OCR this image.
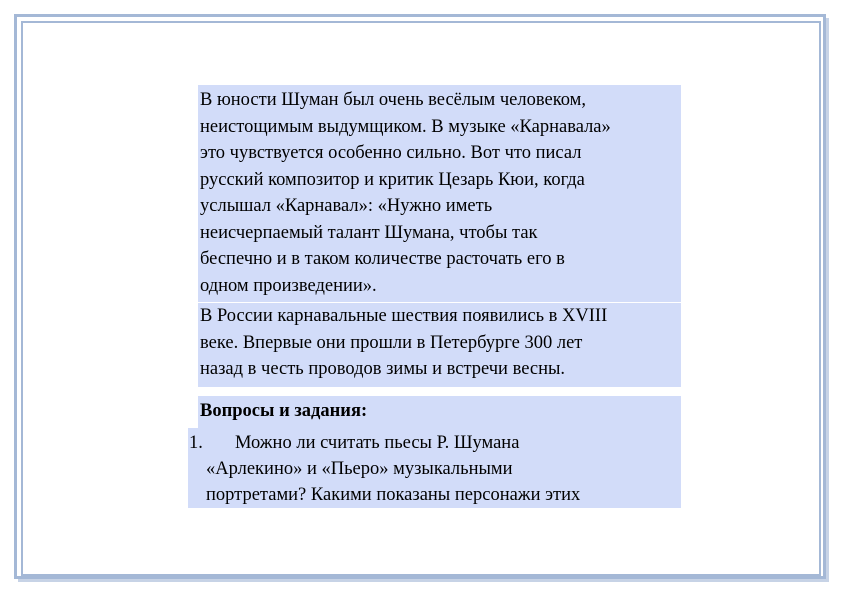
В юности Шуман был очень весёлым человеком,
неистощимым выдумщиком. В музыке «Карнавала»
это чувствуется особенно сильно. Вот что писал
русский композитор и критик Цезарь Кюи, когда
услышал «Карнавал»: «Нужно иметь
неисчерпаемый талант Шумана, чтобы так
беспечно и в таком количестве расточать его в
одном произведении».
В России карнавальные шествия появились в XVIII
веке. Впервые они прошли в Петербурге 300 лет
назад в честь проводов зимы и встречи весны.
Вопросы и задания:
1. Можно ли считать пьесы Р. Шумана
«Арлекино» и «Пьеро» музыкальными
портретами? Какими показаны персонажи этих
